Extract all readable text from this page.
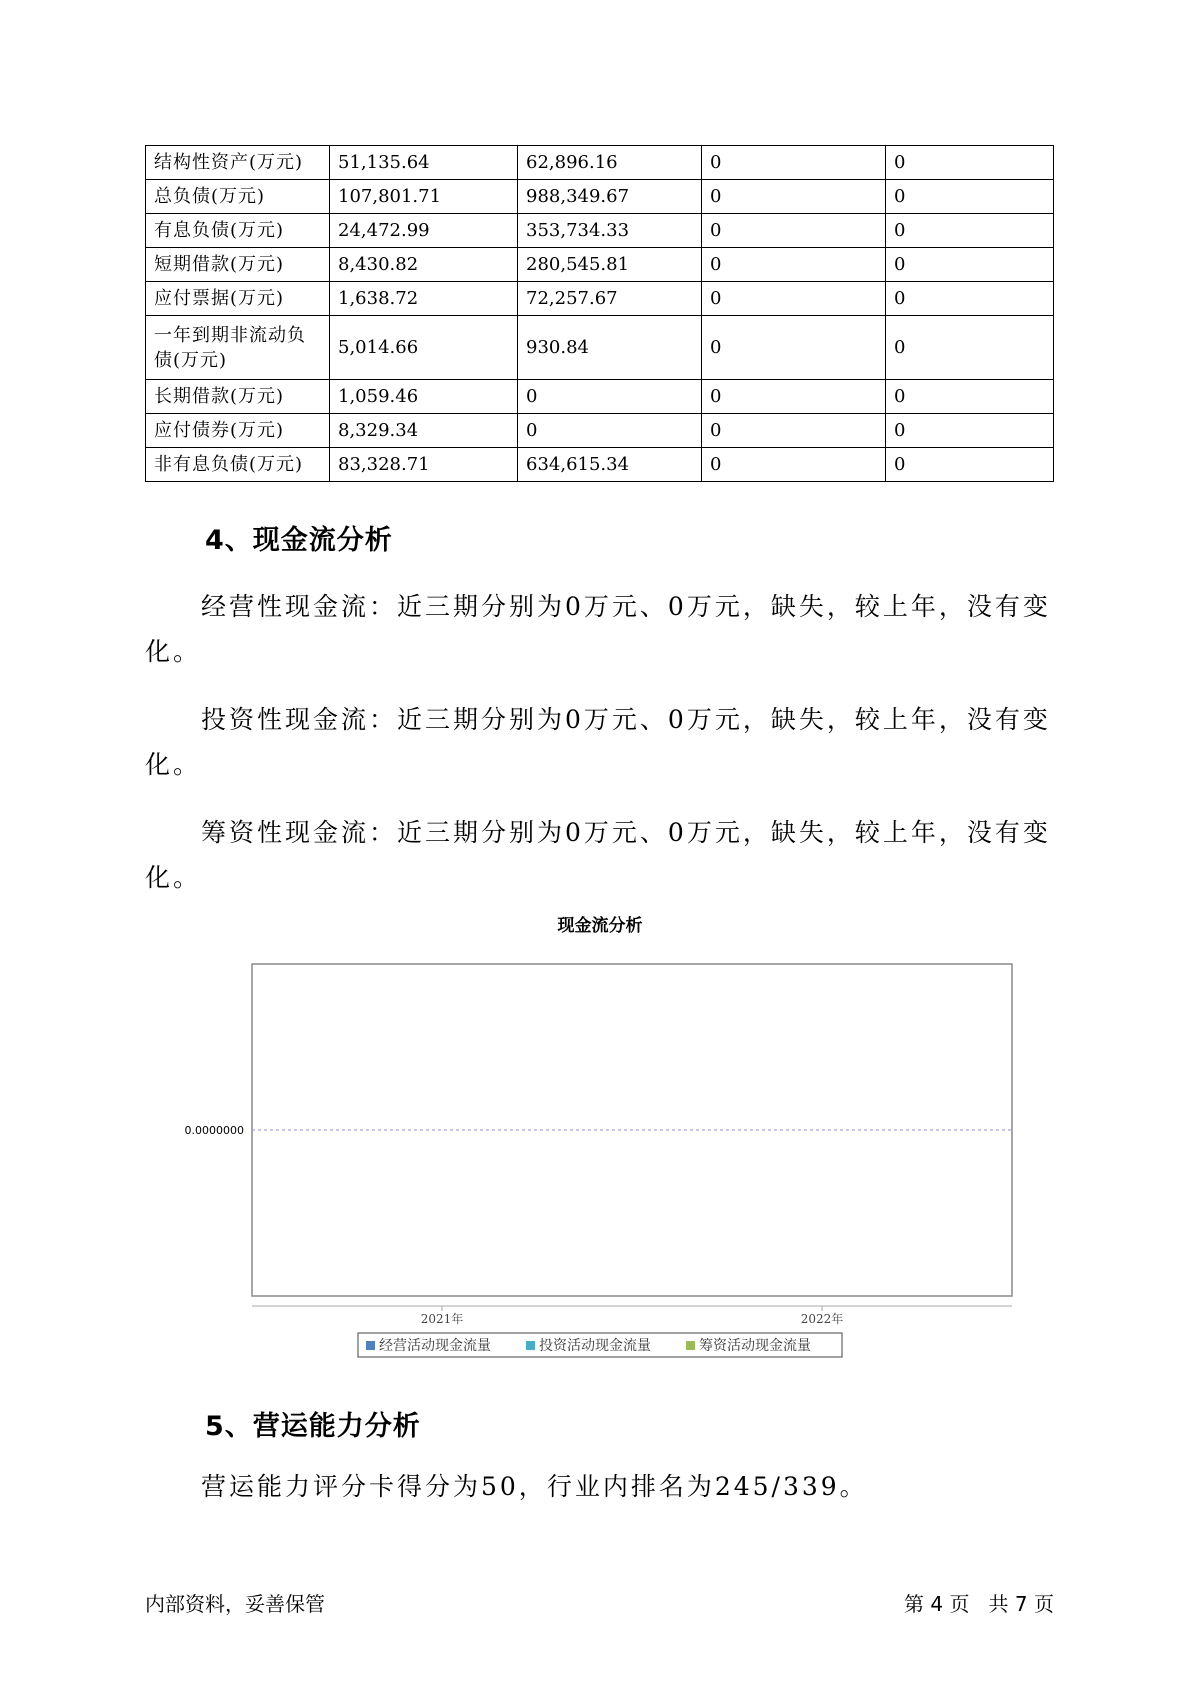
结构性资产(万元)	51,135.64	62,896.16	0	0
总负债(万元)	107,801.71	988,349.67	0	0
有息负债(万元)	24,472.99	353,734.33	0	0
短期借款(万元)	8,430.82	280,545.81	0	0
应付票据(万元)	1,638.72	72,257.67	0	0
一年到期非流动负债(万元)	5,014.66	930.84	0	0
长期借款(万元)	1,059.46	0	0	0
应付债券(万元)	8,329.34	0	0	0
非有息负债(万元)	83,328.71	634,615.34	0	0
4、现金流分析

经营性现金流：近三期分别为0万元、0万元，缺失，较上年，没有变化。

投资性现金流：近三期分别为0万元、0万元，缺失，较上年，没有变化。

筹资性现金流：近三期分别为0万元、0万元，缺失，较上年，没有变化。

现金流分析
0.0000000
2021年	2022年
经营活动现金流量	投资活动现金流量	筹资活动现金流量
5、营运能力分析

营运能力评分卡得分为50，行业内排名为245/339。

内部资料，妥善保管	第 4 页   共 7 页
